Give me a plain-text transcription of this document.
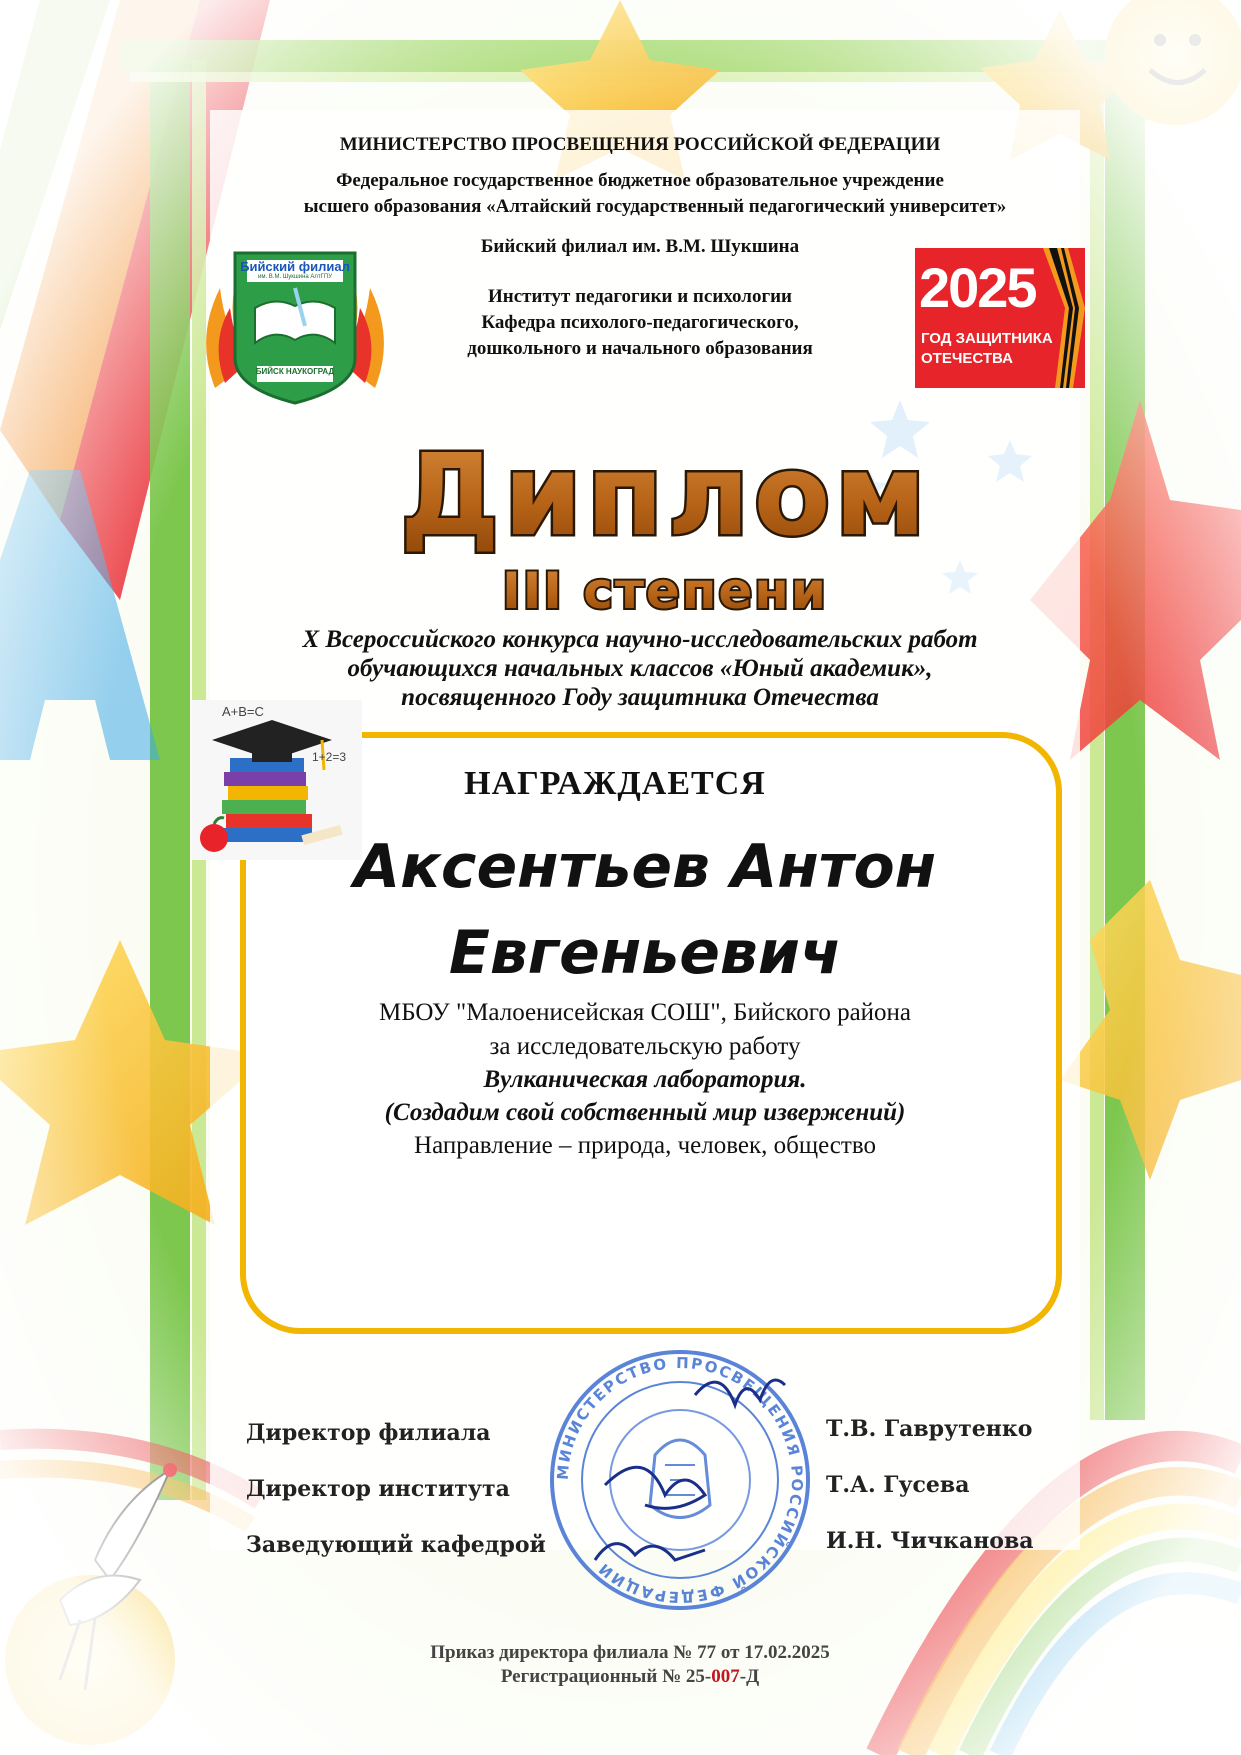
МИНИСТЕРСТВО ПРОСВЕЩЕНИЯ РОССИЙСКОЙ ФЕДЕРАЦИИ
Федеральное государственное бюджетное образовательное учреждение
ысшего образования «Алтайский государственный педагогический университет»
Бийский филиал им. В.М. Шукшина
Институт педагогики и психологии
Кафедра психолого-педагогического,
дошкольного и начального образования
Бийский филиал
им. В.М. Шукшина АлтГПУ
БИЙСК НАУКОГРАД
2025
ГОД ЗАЩИТНИКА
ОТЕЧЕСТВА
Диплом
III степени
X Всероссийского конкурса научно-исследовательских работ
обучающихся начальных классов «Юный академик»,
посвященного Году защитника Отечества
A+B=C
1+2=3
НАГРАЖДАЕТСЯ
Аксентьев Антон
Евгеньевич
МБОУ "Малоенисейская СОШ", Бийского района
за исследовательскую работу
Вулканическая лаборатория.
(Создадим свой собственный мир извержений)
Направление – природа, человек, общество
МИНИСТЕРСТВО ПРОСВЕЩЕНИЯ РОССИЙСКОЙ ФЕДЕРАЦИИ
Директор филиала
Директор института
Заведующий кафедрой
Т.В. Гаврутенко
Т.А. Гусева
И.Н. Чичканова
Приказ директора филиала № 77 от 17.02.2025
Регистрационный № 25-007-Д
